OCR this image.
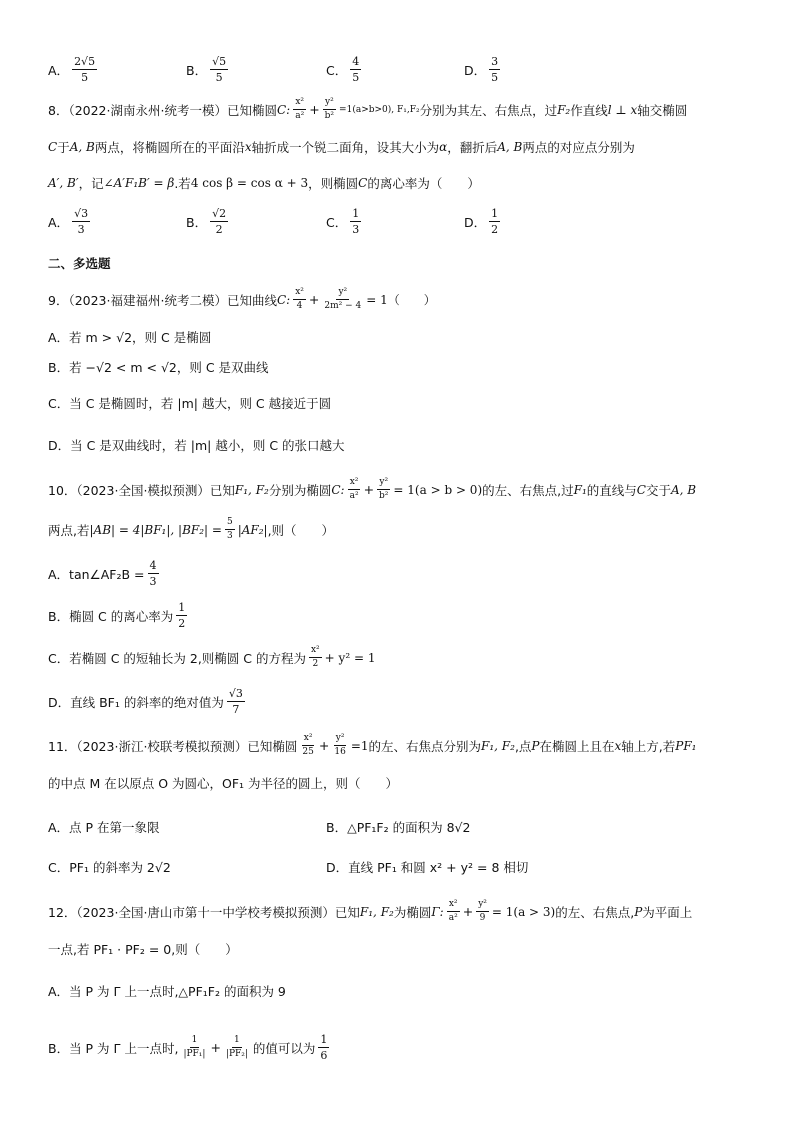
A． $\frac{2√5}{5}$	B． $\frac{√5}{5}$	C． $\frac{4}{5}$	D． $\frac{3}{5}$
8．（2022·湖南永州·统考一模）已知椭圆 C: $\frac{\text{x²}}{\text{a²}} + \frac{\text{y²}}{\text{b²}} =1(a>b>0)$, F₁,F₂ 分别为其左、右焦点，过 F₂ 作直线 l ⊥ x 轴交椭圆
C 于 A, B 两点，将椭圆所在的平面沿 x 轴折成一个锐二面角，设其大小为 α ，翻折后 A, B 两点的对应点分别为
A′, B′ ，记 ∠A′F₁B′ = β .若 4 cos β = cos α + 3 ，则椭圆 C 的离心率为（　　）
A． $\frac{√3}{3}$	B． $\frac{√2}{2}$	C． $\frac{1}{3}$	D． $\frac{1}{2}$
二、多选题
9．（2023·福建福州·统考二模）已知曲线 C: $\frac{\text{x²}}{4} + \frac{\text{y²}}{\text{2m² − 4}} = 1$（　　）
A．若 m > √2，则 C 是椭圆
B．若 −√2 < m < √2，则 C 是双曲线
C．当 C 是椭圆时，若 |m| 越大，则 C 越接近于圆
D．当 C 是双曲线时，若 |m| 越小，则 C 的张口越大
10．（2023·全国·模拟预测）已知 F₁, F₂ 分别为椭圆 C: $\frac{\text{x²}}{\text{a²}} + \frac{\text{y²}}{\text{b²}} = 1(a > b > 0)$ 的左、右焦点,过 F₁ 的直线与 C 交于 A, B
两点,若 |AB| = 4|BF₁|, $|BF_2| = \frac{5}{3} |AF_2|$ ,则（　　）
A．tan∠AF₂B = $\frac{4}{3}$
B．椭圆 C 的离心率为 $\frac{1}{2}$
C．若椭圆 C 的短轴长为 2,则椭圆 C 的方程为 $\frac{\text{x²}}{2} + y^2 = 1$
D．直线 BF₁ 的斜率的绝对值为 $\frac{√3}{7}$
11．（2023·浙江·校联考模拟预测）已知椭圆 $\frac{\text{x²}}{25} + \frac{\text{y²}}{16} =1$ 的左、右焦点分别为 F₁, F₂ ,点 P 在椭圆上且在 x 轴上方,若 PF₁
的中点 M 在以原点 O 为圆心，OF₁ 为半径的圆上，则（　　）
A．点 P 在第一象限	B．△PF₁F₂ 的面积为 8√2
C．PF₁ 的斜率为 2√2	D．直线 PF₁ 和圆 x² + y² = 8 相切
12．（2023·全国·唐山市第十一中学校考模拟预测）已知 F₁, F₂ 为椭圆 Γ: $\frac{\text{x²}}{\text{a²}} + \frac{\text{y²}}{9} = 1(a > 3)$ 的左、右焦点, P 为平面上
一点,若 PF₁ · PF₂ = 0,则（　　）
A．当 P 为 Γ 上一点时,△PF₁F₂ 的面积为 9
B．当 P 为 Γ 上一点时, $\frac{1}{\text{|PF₁|}} + \frac{1}{\text{|PF₂|}}$ 的值可以为 $\frac{1}{6}$
